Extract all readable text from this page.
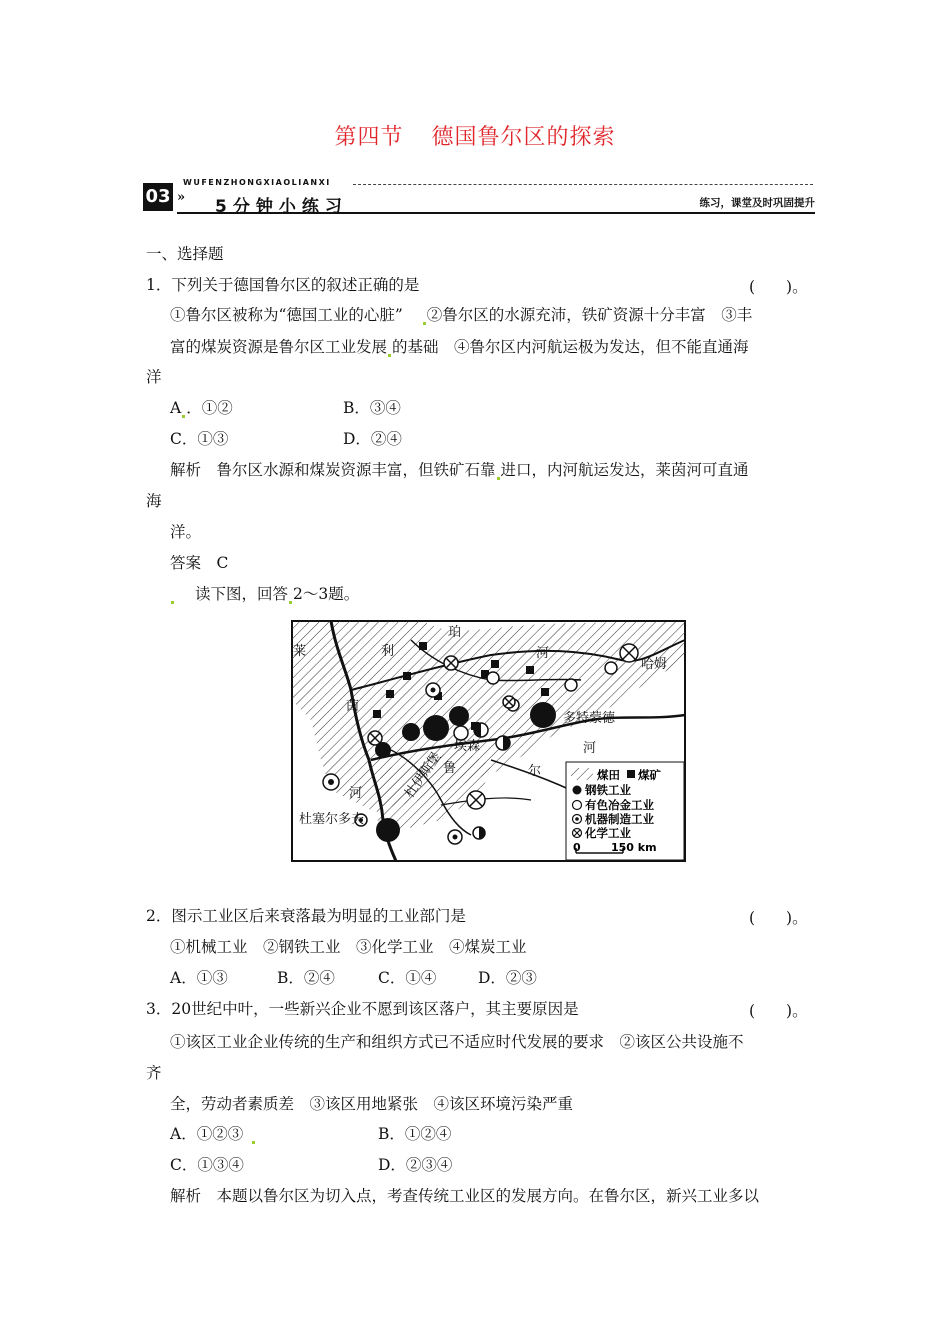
第四节 德国鲁尔区的探索
03 »
WUFENZHONGXIAOLIANXI
5分钟小练习	练习，课堂及时巩固提升
一、选择题
1．下列关于德国鲁尔区的叙述正确的是	(　　)。
①鲁尔区被称为“德国工业的心脏” ②鲁尔区的水源充沛，铁矿资源十分丰富　③丰
富的煤炭资源是鲁尔区工业发展 的基础　④鲁尔区内河航运极为发达，但不能直通海
洋
A ．①②	B．③④
C．①③	D．②④
解析　鲁尔区水源和煤炭资源丰富，但铁矿石靠 进口，内河航运发达，莱茵河可直通
海
洋。
答案　C
读下图，回答 2～3题。
煤田 煤矿
钢铁工业
有色冶金工业
机器制造工业
化学工业
0	150 km
莱
茵
河
利
珀
河
哈姆
多特蒙德
埃森	河
鲁	尔
杜伊斯堡
杜塞尔多夫
2．图示工业区后来衰落最为明显的工业部门是	(　　)。
①机械工业　②钢铁工业　③化学工业　④煤炭工业
A．①③	B．②④	C．①④	D．②③
3．20世纪中叶，一些新兴企业不愿到该区落户，其主要原因是	(　　)。
①该区工业企业传统的生产和组织方式已不适应时代发展的要求　②该区公共设施不
齐
全，劳动者素质差　③该区用地紧张　④该区环境污染严重
A．①②③	B．①②④
C．①③④	D．②③④
解析　本题以鲁尔区为切入点，考查传统工业区的发展方向。在鲁尔区，新兴工业多以
